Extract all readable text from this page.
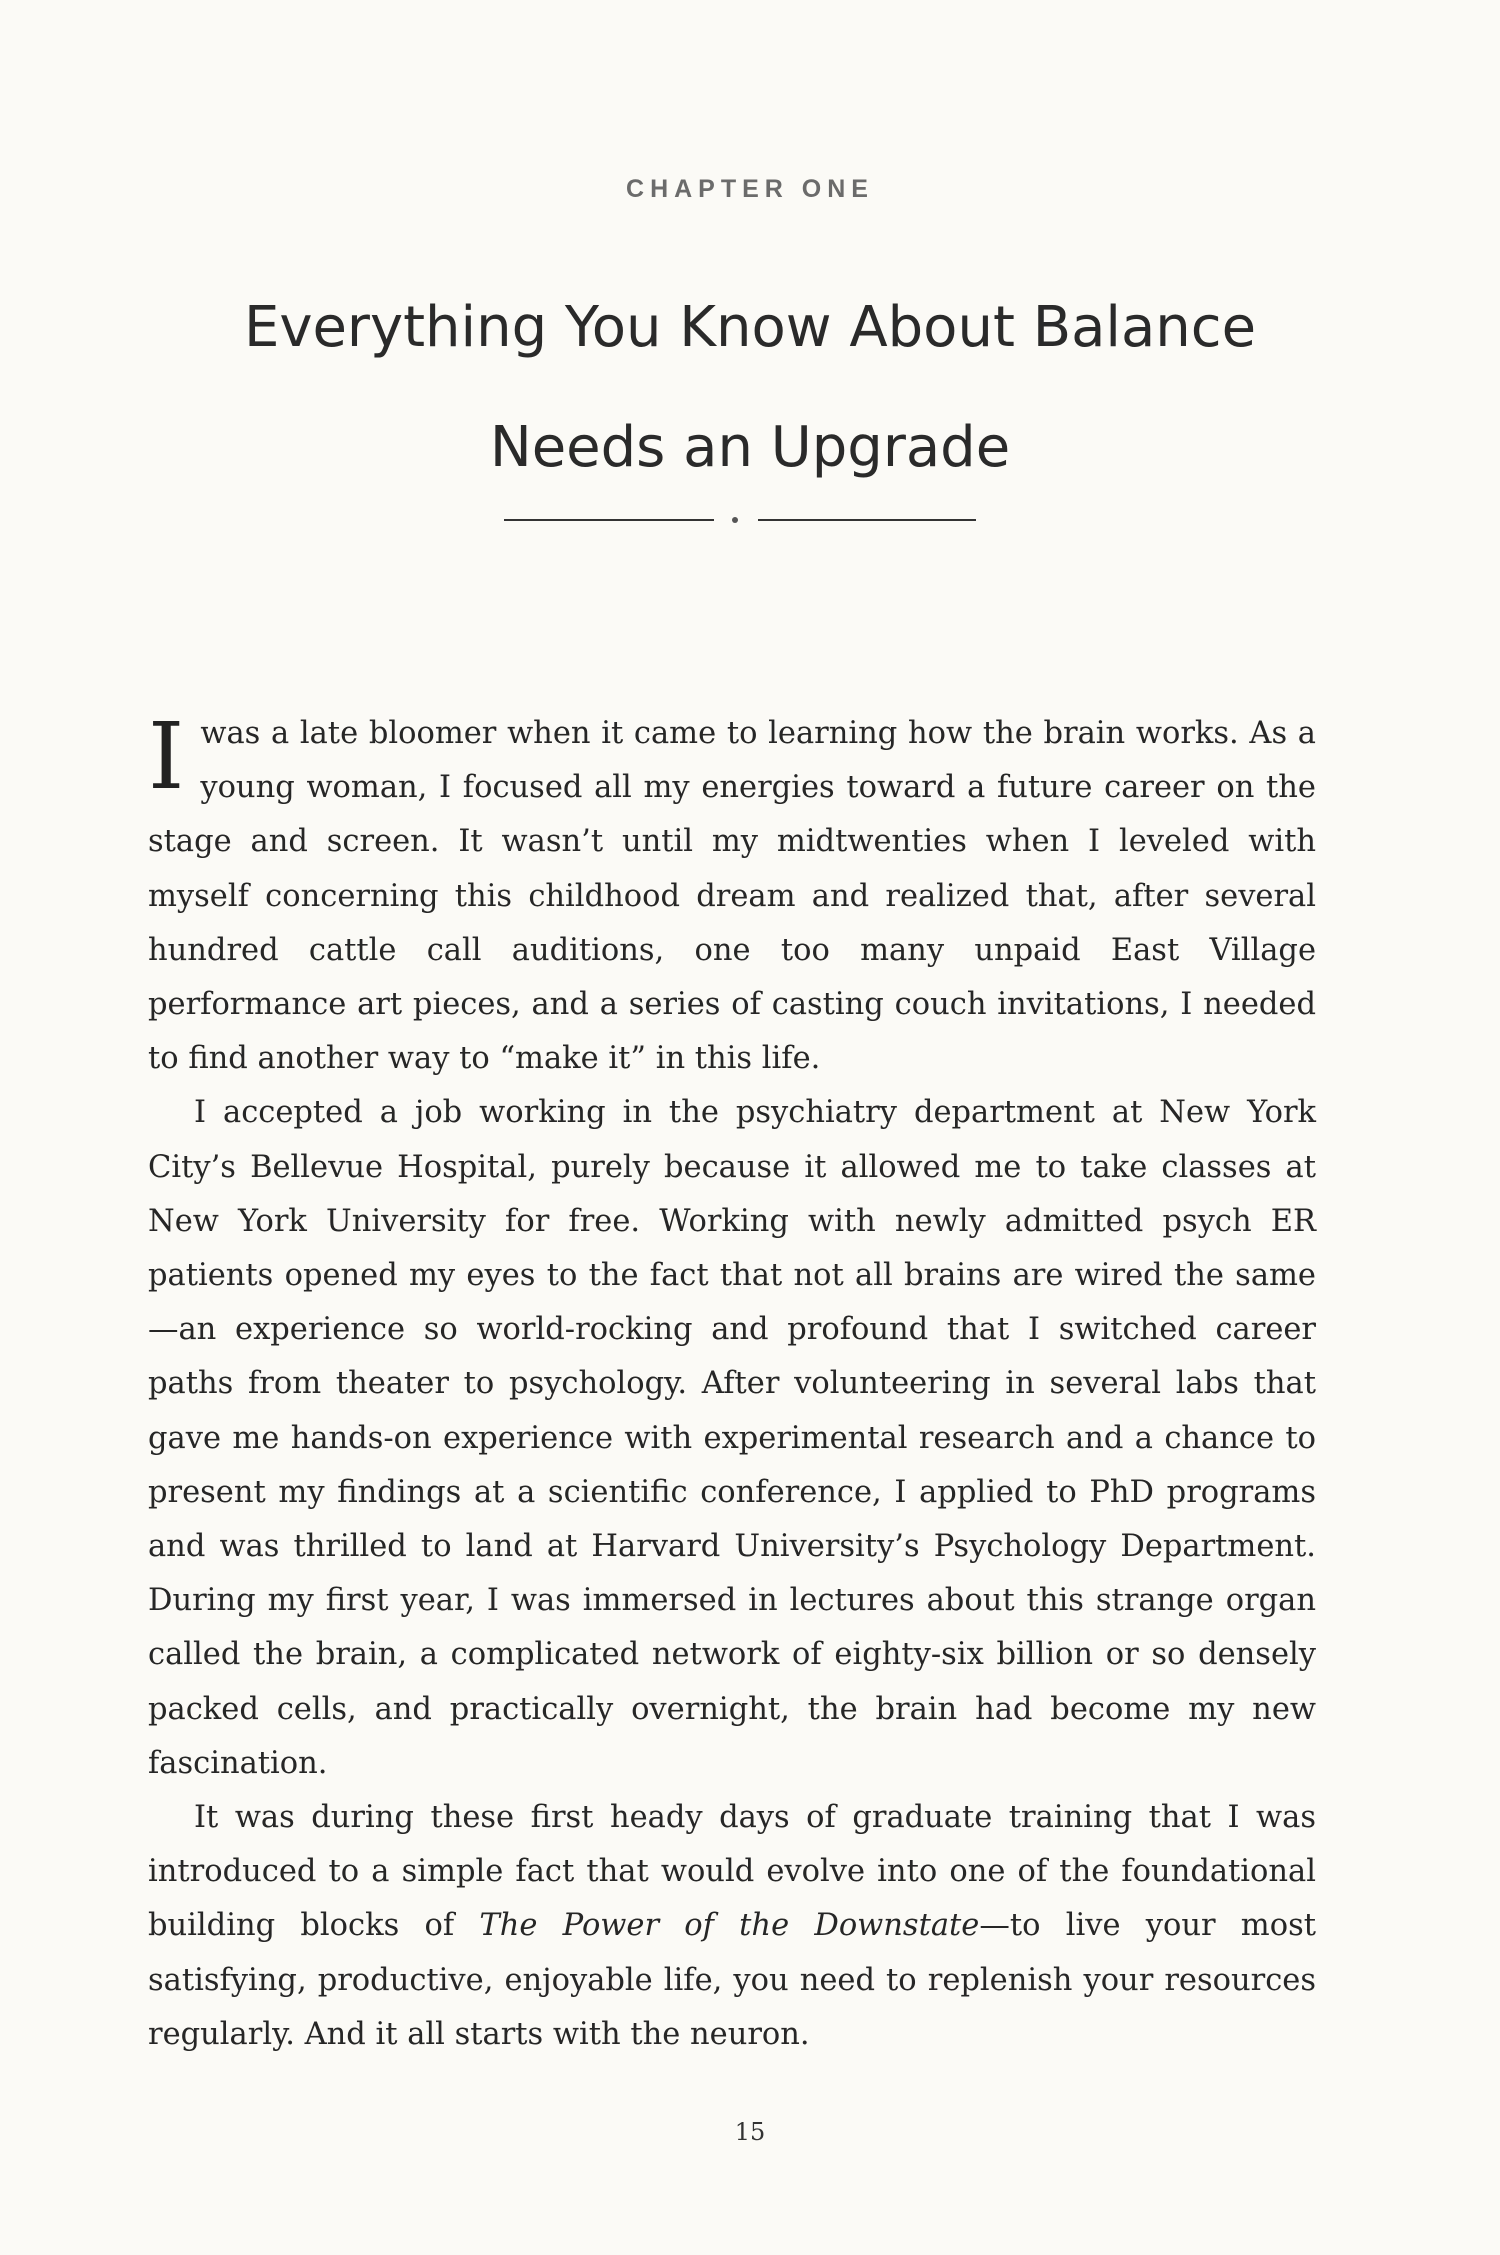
CHAPTER ONE
Everything You Know About Balance
Needs an Upgrade

I was a late bloomer when it came to learning how the brain works. As a young woman, I focused all my energies toward a future career on the stage and screen. It wasn’t until my midtwenties when I leveled with myself concerning this childhood dream and realized that, after several hundred cattle call auditions, one too many unpaid East Village performance art pieces, and a series of casting couch invitations, I needed to find another way to “make it” in this life.

I accepted a job working in the psychiatry department at New York City’s Bellevue Hospital, purely because it allowed me to take classes at New York University for free. Working with newly admitted psych ER patients opened my eyes to the fact that not all brains are wired the same—an experience so world-rocking and profound that I switched career paths from theater to psychology. After volunteering in several labs that gave me hands-on experience with experimental research and a chance to present my findings at a scientific conference, I applied to PhD programs and was thrilled to land at Harvard University’s Psychology Department. During my first year, I was immersed in lectures about this strange organ called the brain, a complicated network of eighty-six billion or so densely packed cells, and practically overnight, the brain had become my new fascination.

It was during these first heady days of graduate training that I was introduced to a simple fact that would evolve into one of the foundational building blocks of The Power of the Downstate—to live your most satisfying, productive, enjoyable life, you need to replenish your resources regularly. And it all starts with the neuron.

15
